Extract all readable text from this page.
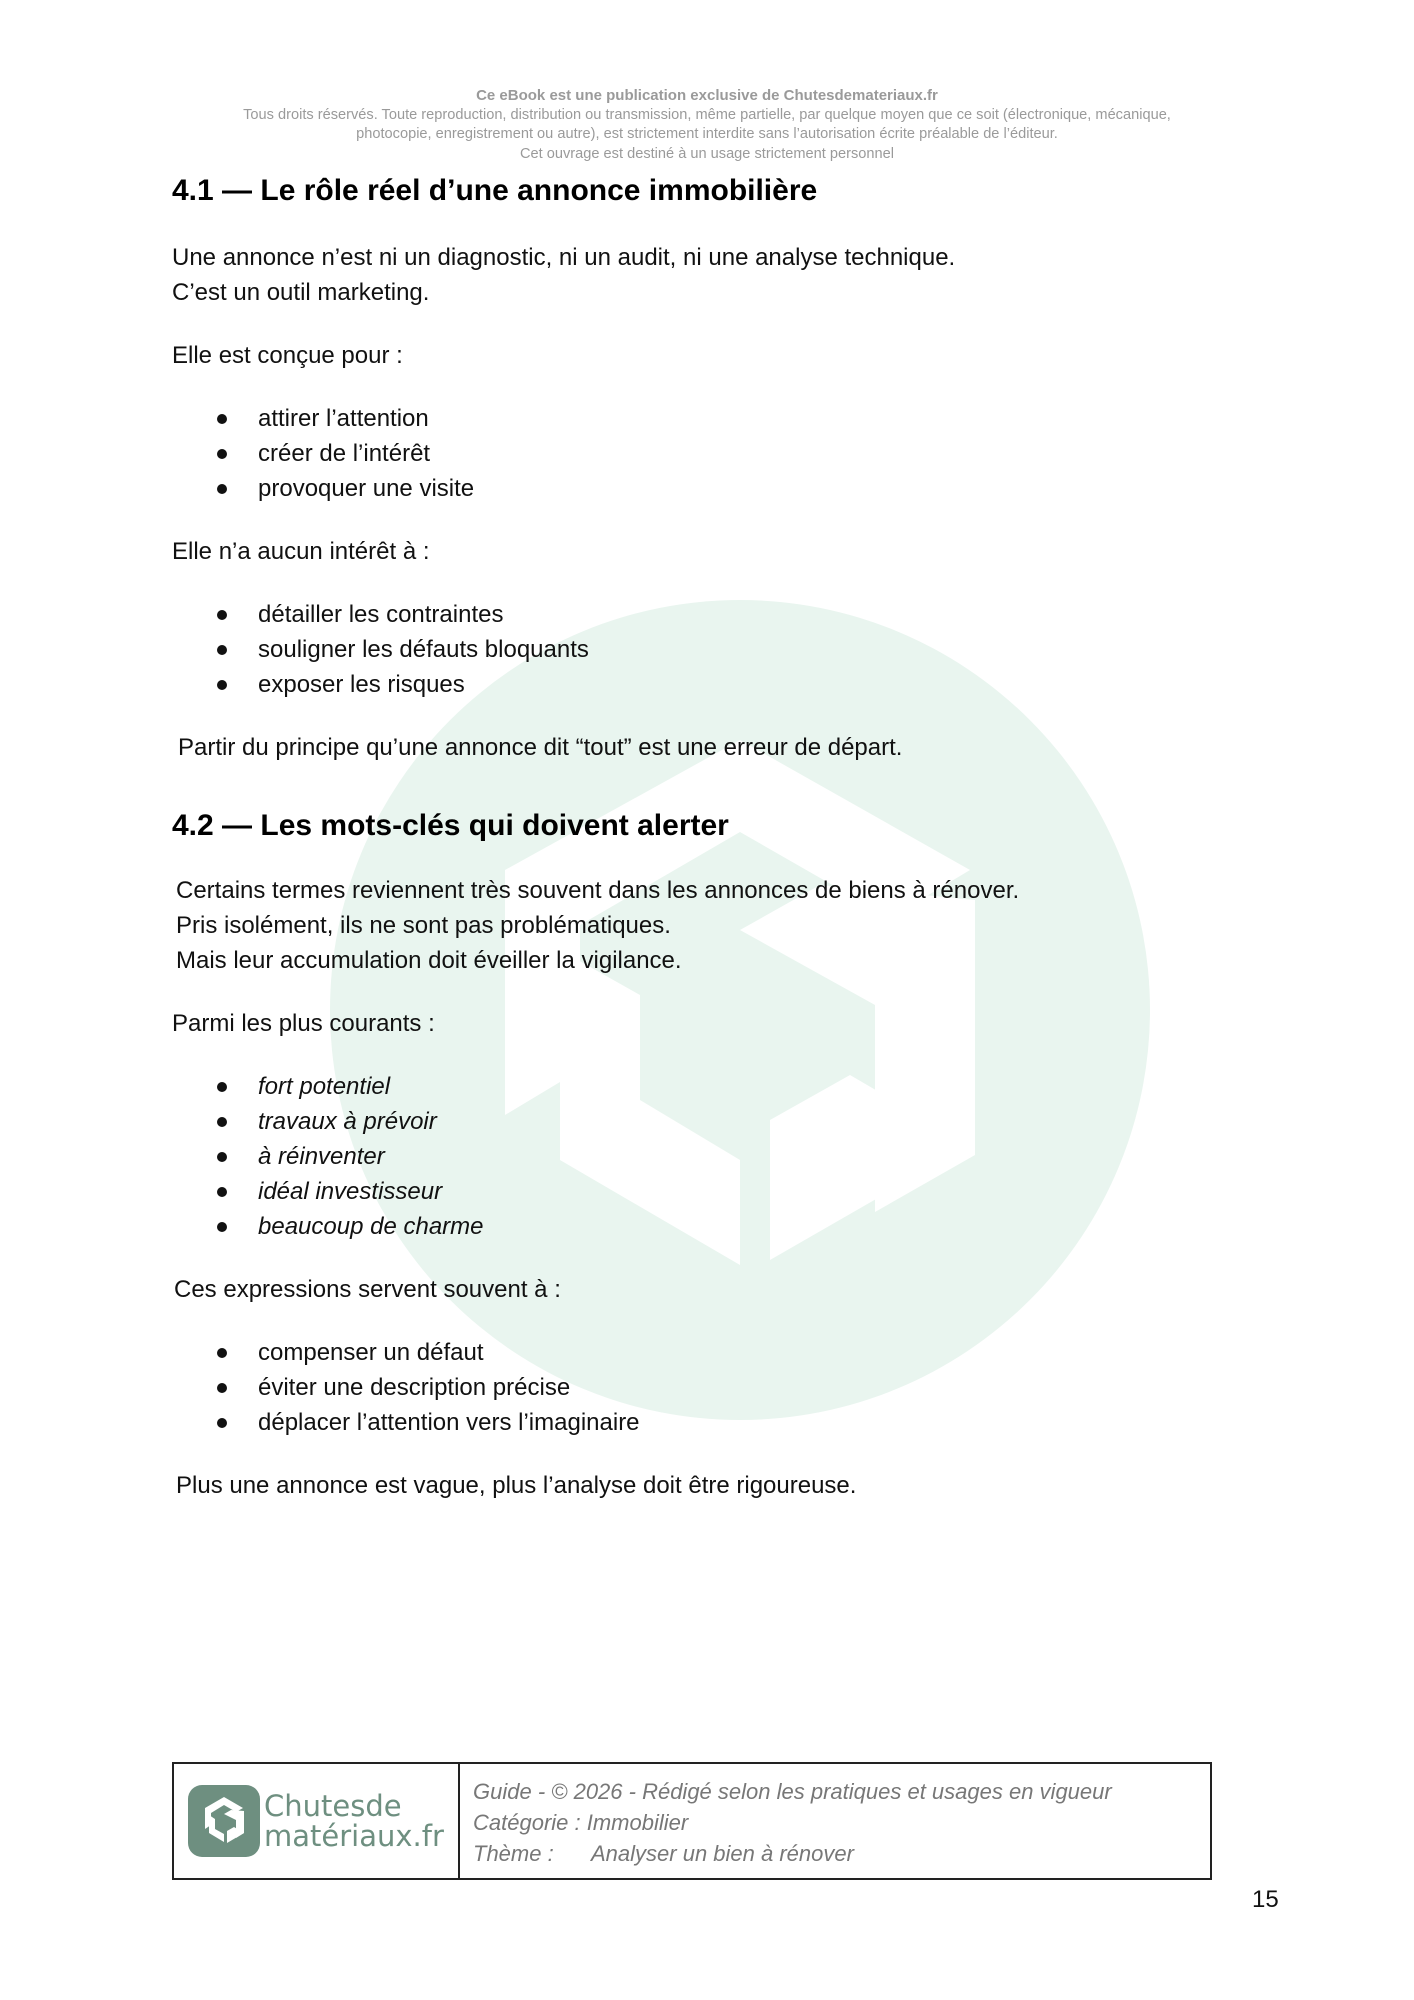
Ce eBook est une publication exclusive de Chutesdemateriaux.fr
Tous droits réservés. Toute reproduction, distribution ou transmission, même partielle, par quelque moyen que ce soit (électronique, mécanique,
photocopie, enregistrement ou autre), est strictement interdite sans l’autorisation écrite préalable de l’éditeur.
Cet ouvrage est destiné à un usage strictement personnel
4.1 — Le rôle réel d’une annonce immobilière

Une annonce n’est ni un diagnostic, ni un audit, ni une analyse technique.

C’est un outil marketing.

Elle est conçue pour :

attirer l’attention
créer de l’intérêt
provoquer une visite

Elle n’a aucun intérêt à :

détailler les contraintes
souligner les défauts bloquants
exposer les risques

Partir du principe qu’une annonce dit “tout” est une erreur de départ.

4.2 — Les mots-clés qui doivent alerter

Certains termes reviennent très souvent dans les annonces de biens à rénover.

Pris isolément, ils ne sont pas problématiques.

Mais leur accumulation doit éveiller la vigilance.

Parmi les plus courants :

fort potentiel
travaux à prévoir
à réinventer
idéal investisseur
beaucoup de charme

Ces expressions servent souvent à :

compenser un défaut
éviter une description précise
déplacer l’attention vers l’imaginaire

Plus une annonce est vague, plus l’analyse doit être rigoureuse.

Chutesde
matériaux.fr
Guide - © 2026 - Rédigé selon les pratiques et usages en vigueur
Catégorie : Immobilier
Thème : Analyser un bien à rénover
15
